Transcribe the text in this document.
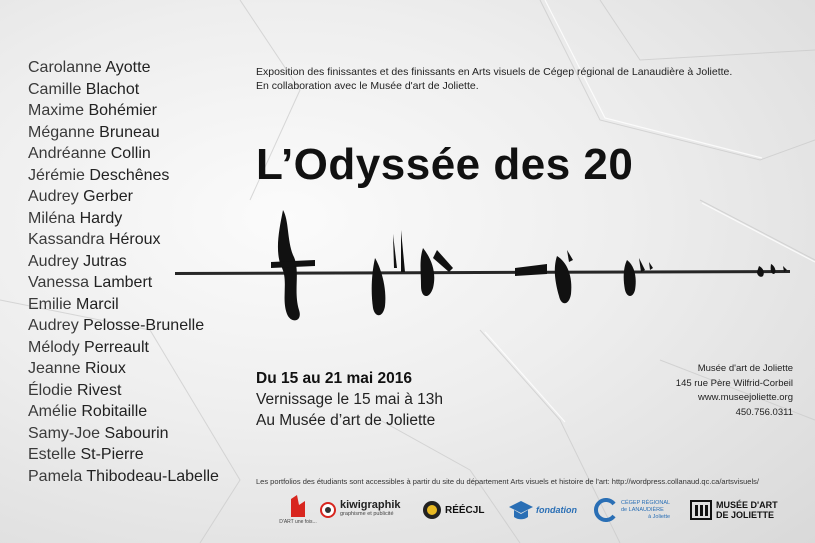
Carolanne Ayotte
Camille Blachot
Maxime Bohémier
Méganne Bruneau
Andréanne Collin
Jérémie Deschênes
Audrey Gerber
Miléna Hardy
Kassandra Héroux
Audrey Jutras
Vanessa Lambert
Emilie Marcil
Audrey Pelosse-Brunelle
Mélody Perreault
Jeanne Rioux
Élodie Rivest
Amélie Robitaille
Samy-Joe Sabourin
Estelle St-Pierre
Pamela Thibodeau-Labelle
Exposition des finissantes et des finissants en Arts visuels de Cégep régional de Lanaudière à Joliette.
En collaboration avec le Musée d'art de Joliette.
L’Odyssée des 20
Du 15 au 21 mai 2016
Vernissage le 15 mai à 13h
Au Musée d’art de Joliette
Musée d'art de Joliette
145 rue Père Wilfrid-Corbeil
www.museejoliette.org
450.756.0311
Les portfolios des étudiants sont accessibles à partir du site du département Arts visuels et histoire de l'art: http://wordpress.collanaud.qc.ca/artsvisuels/
D'ART une fois...
kiwigraphik
graphisme et publicité	RÉÉCJL	fondation
CÉGEP RÉGIONAL
de LANAUDIÈRE
à Joliette
MUSÉE D'ART
DE JOLIETTE
